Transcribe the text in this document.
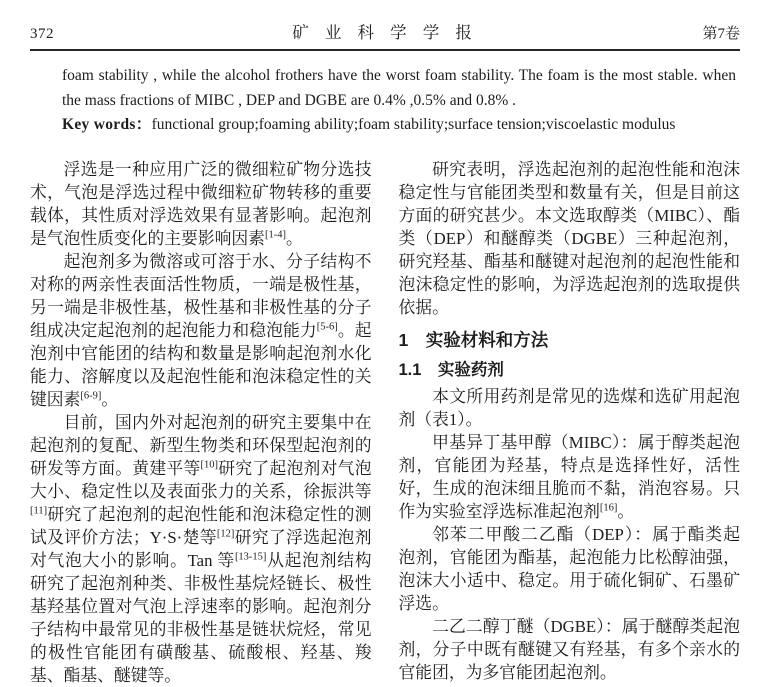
372	矿 业 科 学 学 报	第7卷

foam stability , while the alcohol frothers have the worst foam stability. The foam is the most stable. when the mass fractions of MIBC , DEP and DGBE are 0.4% ,0.5% and 0.8% .

Key words：functional group;foaming ability;foam stability;surface tension;viscoelastic modulus

浮选是一种应用广泛的微细粒矿物分选技术，气泡是浮选过程中微细粒矿物转移的重要载体，其性质对浮选效果有显著影响。起泡剂是气泡性质变化的主要影响因素[1-4]。

起泡剂多为微溶或可溶于水、分子结构不对称的两亲性表面活性物质，一端是极性基，另一端是非极性基，极性基和非极性基的分子组成决定起泡剂的起泡能力和稳泡能力[5-6]。起泡剂中官能团的结构和数量是影响起泡剂水化能力、溶解度以及起泡性能和泡沫稳定性的关键因素[6-9]。

目前，国内外对起泡剂的研究主要集中在起泡剂的复配、新型生物类和环保型起泡剂的研发等方面。黄建平等[10]研究了起泡剂对气泡大小、稳定性以及表面张力的关系，徐振洪等[11]研究了起泡剂的起泡性能和泡沫稳定性的测试及评价方法；Y·S·楚等[12]研究了浮选起泡剂对气泡大小的影响。Tan 等[13-15]从起泡剂结构研究了起泡剂种类、非极性基烷烃链长、极性基羟基位置对气泡上浮速率的影响。起泡剂分子结构中最常见的非极性基是链状烷烃，常见的极性官能团有磺酸基、硫酸根、羟基、羧基、酯基、醚键等。

研究表明，浮选起泡剂的起泡性能和泡沫稳定性与官能团类型和数量有关，但是目前这方面的研究甚少。本文选取醇类（MIBC）、酯类（DEP）和醚醇类（DGBE）三种起泡剂，研究羟基、酯基和醚键对起泡剂的起泡性能和泡沫稳定性的影响，为浮选起泡剂的选取提供依据。

1　实验材料和方法
1.1　实验药剂

本文所用药剂是常见的选煤和选矿用起泡剂（表1）。

甲基异丁基甲醇（MIBC）：属于醇类起泡剂，官能团为羟基，特点是选择性好，活性好，生成的泡沫细且脆而不黏，消泡容易。只作为实验室浮选标准起泡剂[16]。

邻苯二甲酸二乙酯（DEP）：属于酯类起泡剂，官能团为酯基，起泡能力比松醇油强，泡沫大小适中、稳定。用于硫化铜矿、石墨矿浮选。

二乙二醇丁醚（DGBE）：属于醚醇类起泡剂，分子中既有醚键又有羟基，有多个亲水的官能团，为多官能团起泡剂。
